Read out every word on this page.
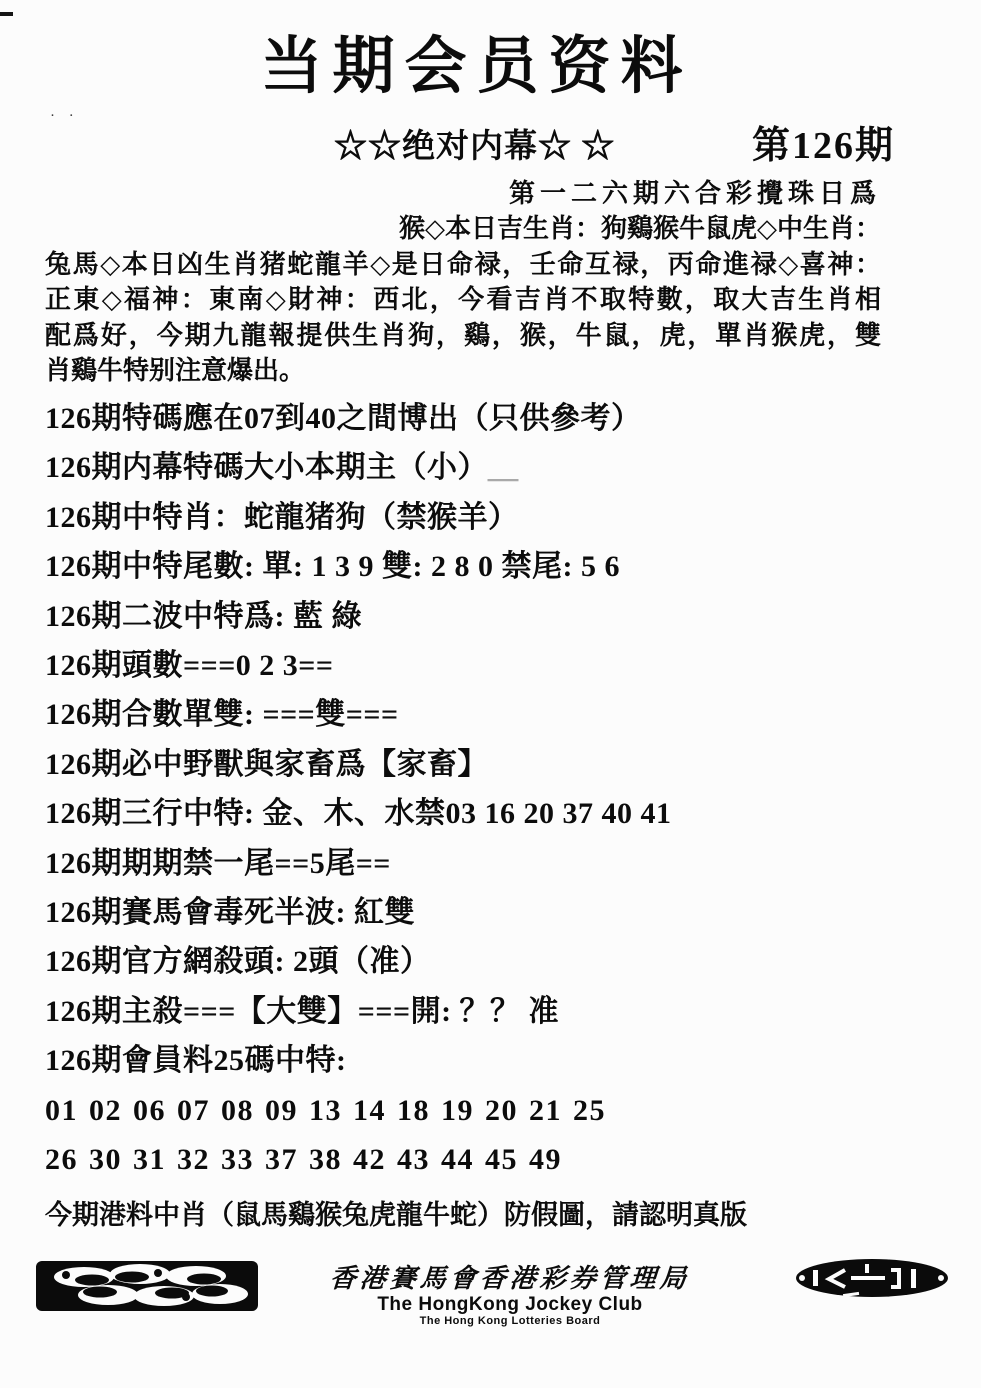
当期会员资料
· ·
☆☆绝对内幕☆ ☆	第126期
第一二六期六合彩攪珠日爲
猴◇本日吉生肖：狗鷄猴牛鼠虎◇中生肖：
兔馬◇本日凶生肖猪蛇龍羊◇是日命禄，壬命互禄，丙命進禄◇喜神：
正東◇福神：東南◇財神：西北，今看吉肖不取特數，取大吉生肖相
配爲好，今期九龍報提供生肖狗，鷄，猴，牛鼠，虎，單肖猴虎，雙
肖鷄牛特别注意爆出。
126期特碼應在07到40之間博出（只供參考）
126期内幕特碼大小本期主（小）＿
126期中特肖：蛇龍猪狗（禁猴羊）
126期中特尾數: 單: 1 3 9 雙: 2 8 0 禁尾: 5 6
126期二波中特爲: 藍 綠
126期頭數===0 2 3==
126期合數單雙: ===雙===
126期必中野獸與家畜爲【家畜】
126期三行中特: 金、木、水禁03 16 20 37 40 41
126期期期禁一尾==5尾==
126期賽馬會毒死半波: 紅雙
126期官方網殺頭: 2頭（准）
126期主殺===【大雙】===開: ？？ 准
126期會員料25碼中特:
01 02 06 07 08 09 13 14 18 19 20 21 25
26 30 31 32 33 37 38 42 43 44 45 49
今期港料中肖（鼠馬鷄猴兔虎龍牛蛇）防假圖，請認明真版
香港賽馬會香港彩券管理局
The HongKong Jockey Club
The Hong Kong Lotteries Board
